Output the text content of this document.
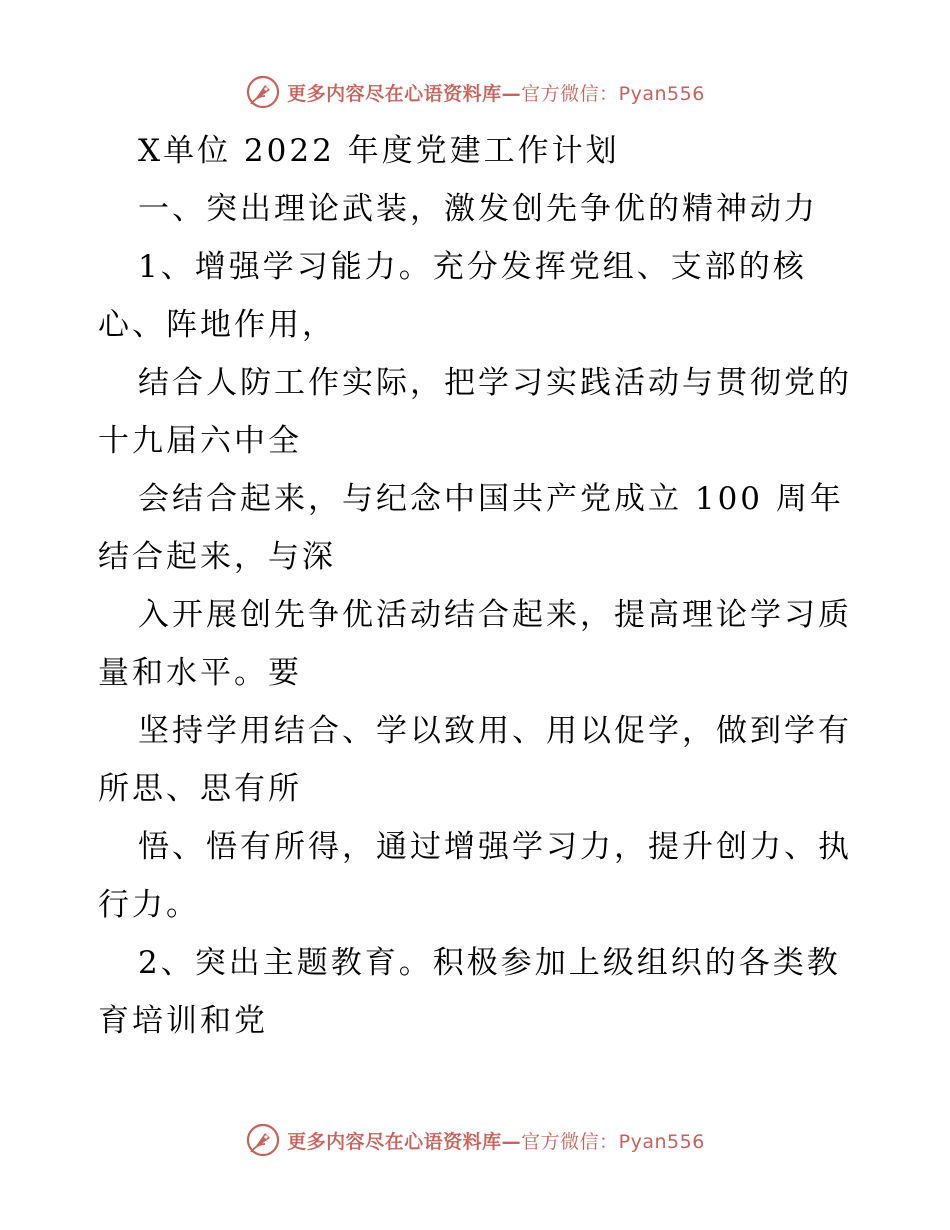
更多内容尽在心语资料库—官方微信：Pyan556
X单位 2022 年度党建工作计划
一、突出理论武装，激发创先争优的精神动力
1、增强学习能力。充分发挥党组、支部的核
心、阵地作用，
结合人防工作实际，把学习实践活动与贯彻党的
十九届六中全
会结合起来，与纪念中国共产党成立 100 周年
结合起来，与深
入开展创先争优活动结合起来，提高理论学习质
量和水平。要
坚持学用结合、学以致用、用以促学，做到学有
所思、思有所
悟、悟有所得，通过增强学习力，提升创力、执
行力。
2、突出主题教育。积极参加上级组织的各类教
育培训和党
更多内容尽在心语资料库—官方微信：Pyan556
